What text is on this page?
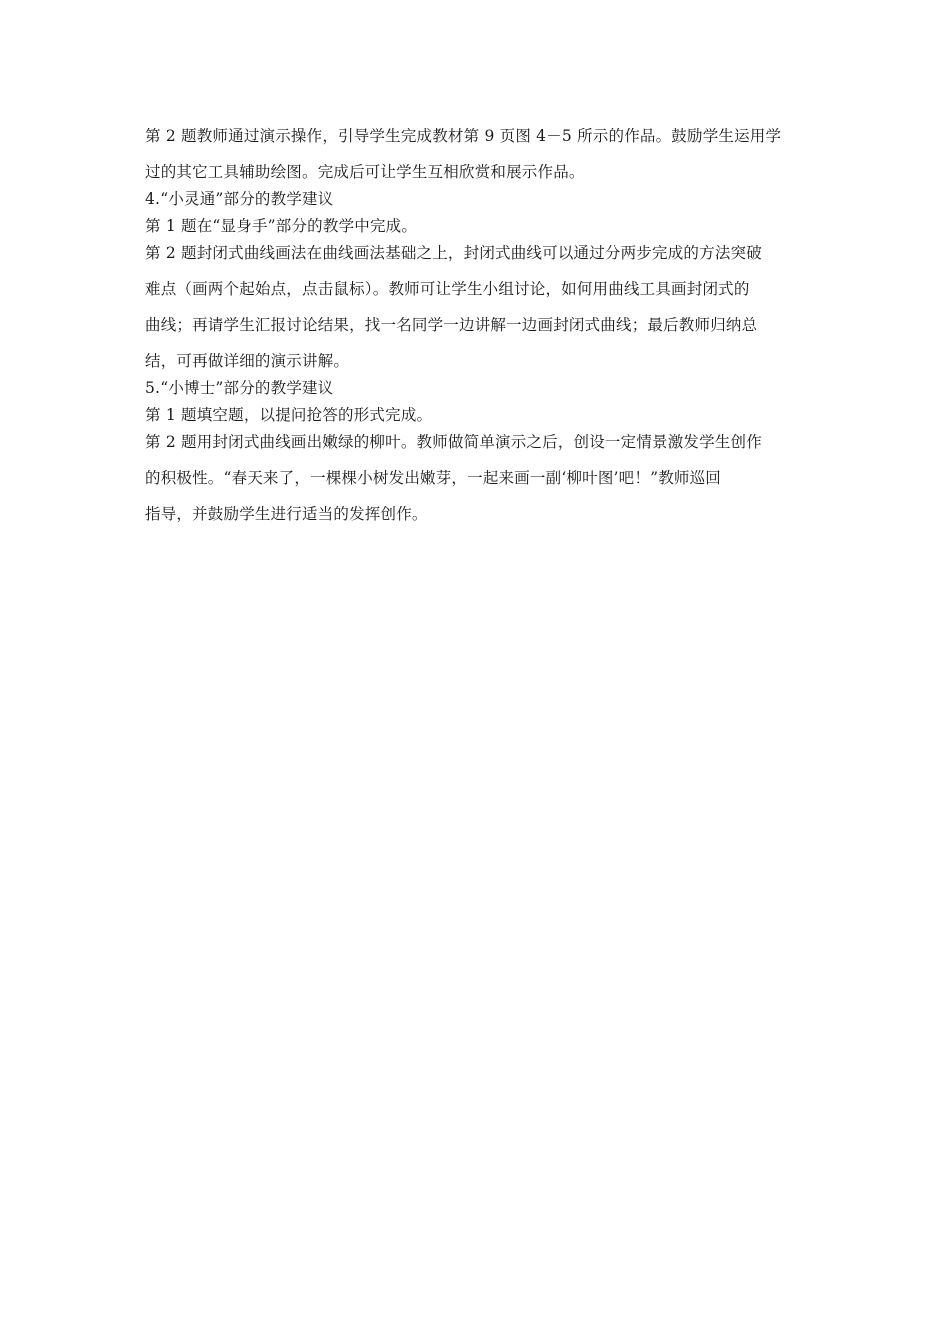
第 2 题教师通过演示操作，引导学生完成教材第 9 页图 4－5 所示的作品。鼓励学生运用学
过的其它工具辅助绘图。完成后可让学生互相欣赏和展示作品。
4.“小灵通”部分的教学建议
第 1 题在“显身手”部分的教学中完成。
第 2 题封闭式曲线画法在曲线画法基础之上，封闭式曲线可以通过分两步完成的方法突破
难点（画两个起始点，点击鼠标）。教师可让学生小组讨论，如何用曲线工具画封闭式的
曲线；再请学生汇报讨论结果，找一名同学一边讲解一边画封闭式曲线；最后教师归纳总
结，可再做详细的演示讲解。
5.“小博士”部分的教学建议
第 1 题填空题，以提问抢答的形式完成。
第 2 题用封闭式曲线画出嫩绿的柳叶。教师做简单演示之后，创设一定情景激发学生创作
的积极性。“春天来了，一棵棵小树发出嫩芽，一起来画一副‘柳叶图’吧！”教师巡回
指导，并鼓励学生进行适当的发挥创作。
